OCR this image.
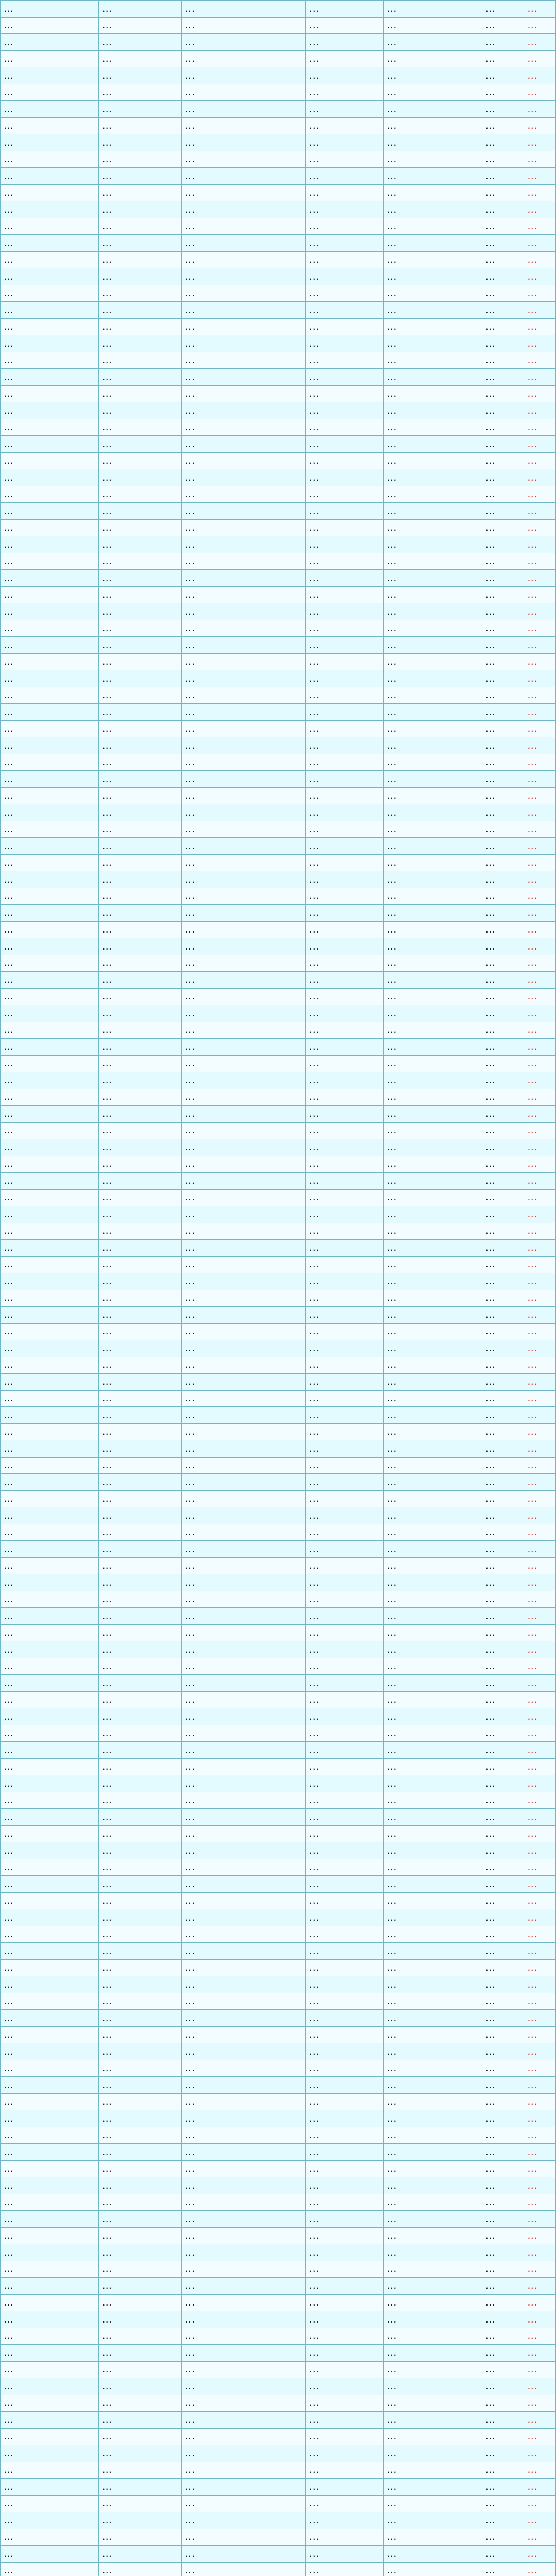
…	…	…	…	…	…	…
…	…	…	…	…	…	…
…	…	…	…	…	…	…
…	…	…	…	…	…	…
…	…	…	…	…	…	…
…	…	…	…	…	…	…
…	…	…	…	…	…	…
…	…	…	…	…	…	…
…	…	…	…	…	…	…
…	…	…	…	…	…	…
…	…	…	…	…	…	…
…	…	…	…	…	…	…
…	…	…	…	…	…	…
…	…	…	…	…	…	…
…	…	…	…	…	…	…
…	…	…	…	…	…	…
…	…	…	…	…	…	…
…	…	…	…	…	…	…
…	…	…	…	…	…	…
…	…	…	…	…	…	…
…	…	…	…	…	…	…
…	…	…	…	…	…	…
…	…	…	…	…	…	…
…	…	…	…	…	…	…
…	…	…	…	…	…	…
…	…	…	…	…	…	…
…	…	…	…	…	…	…
…	…	…	…	…	…	…
…	…	…	…	…	…	…
…	…	…	…	…	…	…
…	…	…	…	…	…	…
…	…	…	…	…	…	…
…	…	…	…	…	…	…
…	…	…	…	…	…	…
…	…	…	…	…	…	…
…	…	…	…	…	…	…
…	…	…	…	…	…	…
…	…	…	…	…	…	…
…	…	…	…	…	…	…
…	…	…	…	…	…	…
…	…	…	…	…	…	…
…	…	…	…	…	…	…
…	…	…	…	…	…	…
…	…	…	…	…	…	…
…	…	…	…	…	…	…
…	…	…	…	…	…	…
…	…	…	…	…	…	…
…	…	…	…	…	…	…
…	…	…	…	…	…	…
…	…	…	…	…	…	…
…	…	…	…	…	…	…
…	…	…	…	…	…	…
…	…	…	…	…	…	…
…	…	…	…	…	…	…
…	…	…	…	…	…	…
…	…	…	…	…	…	…
…	…	…	…	…	…	…
…	…	…	…	…	…	…
…	…	…	…	…	…	…
…	…	…	…	…	…	…
…	…	…	…	…	…	…
…	…	…	…	…	…	…
…	…	…	…	…	…	…
…	…	…	…	…	…	…
…	…	…	…	…	…	…
…	…	…	…	…	…	…
…	…	…	…	…	…	…
…	…	…	…	…	…	…
…	…	…	…	…	…	…
…	…	…	…	…	…	…
…	…	…	…	…	…	…
…	…	…	…	…	…	…
…	…	…	…	…	…	…
…	…	…	…	…	…	…
…	…	…	…	…	…	…
…	…	…	…	…	…	…
…	…	…	…	…	…	…
…	…	…	…	…	…	…
…	…	…	…	…	…	…
…	…	…	…	…	…	…
…	…	…	…	…	…	…
…	…	…	…	…	…	…
…	…	…	…	…	…	…
…	…	…	…	…	…	…
…	…	…	…	…	…	…
…	…	…	…	…	…	…
…	…	…	…	…	…	…
…	…	…	…	…	…	…
…	…	…	…	…	…	…
…	…	…	…	…	…	…
…	…	…	…	…	…	…
…	…	…	…	…	…	…
…	…	…	…	…	…	…
…	…	…	…	…	…	…
…	…	…	…	…	…	…
…	…	…	…	…	…	…
…	…	…	…	…	…	…
…	…	…	…	…	…	…
…	…	…	…	…	…	…
…	…	…	…	…	…	…
…	…	…	…	…	…	…
…	…	…	…	…	…	…
…	…	…	…	…	…	…
…	…	…	…	…	…	…
…	…	…	…	…	…	…
…	…	…	…	…	…	…
…	…	…	…	…	…	…
…	…	…	…	…	…	…
…	…	…	…	…	…	…
…	…	…	…	…	…	…
…	…	…	…	…	…	…
…	…	…	…	…	…	…
…	…	…	…	…	…	…
…	…	…	…	…	…	…
…	…	…	…	…	…	…
…	…	…	…	…	…	…
…	…	…	…	…	…	…
…	…	…	…	…	…	…
…	…	…	…	…	…	…
…	…	…	…	…	…	…
…	…	…	…	…	…	…
…	…	…	…	…	…	…
…	…	…	…	…	…	…
…	…	…	…	…	…	…
…	…	…	…	…	…	…
…	…	…	…	…	…	…
…	…	…	…	…	…	…
…	…	…	…	…	…	…
…	…	…	…	…	…	…
…	…	…	…	…	…	…
…	…	…	…	…	…	…
…	…	…	…	…	…	…
…	…	…	…	…	…	…
…	…	…	…	…	…	…
…	…	…	…	…	…	…
…	…	…	…	…	…	…
…	…	…	…	…	…	…
…	…	…	…	…	…	…
…	…	…	…	…	…	…
…	…	…	…	…	…	…
…	…	…	…	…	…	…
…	…	…	…	…	…	…
…	…	…	…	…	…	…
…	…	…	…	…	…	…
…	…	…	…	…	…	…
…	…	…	…	…	…	…
…	…	…	…	…	…	…
…	…	…	…	…	…	…
…	…	…	…	…	…	…
…	…	…	…	…	…	…
…	…	…	…	…	…	…
…	…	…	…	…	…	…
…	…	…	…	…	…	…
…	…	…	…	…	…	…
